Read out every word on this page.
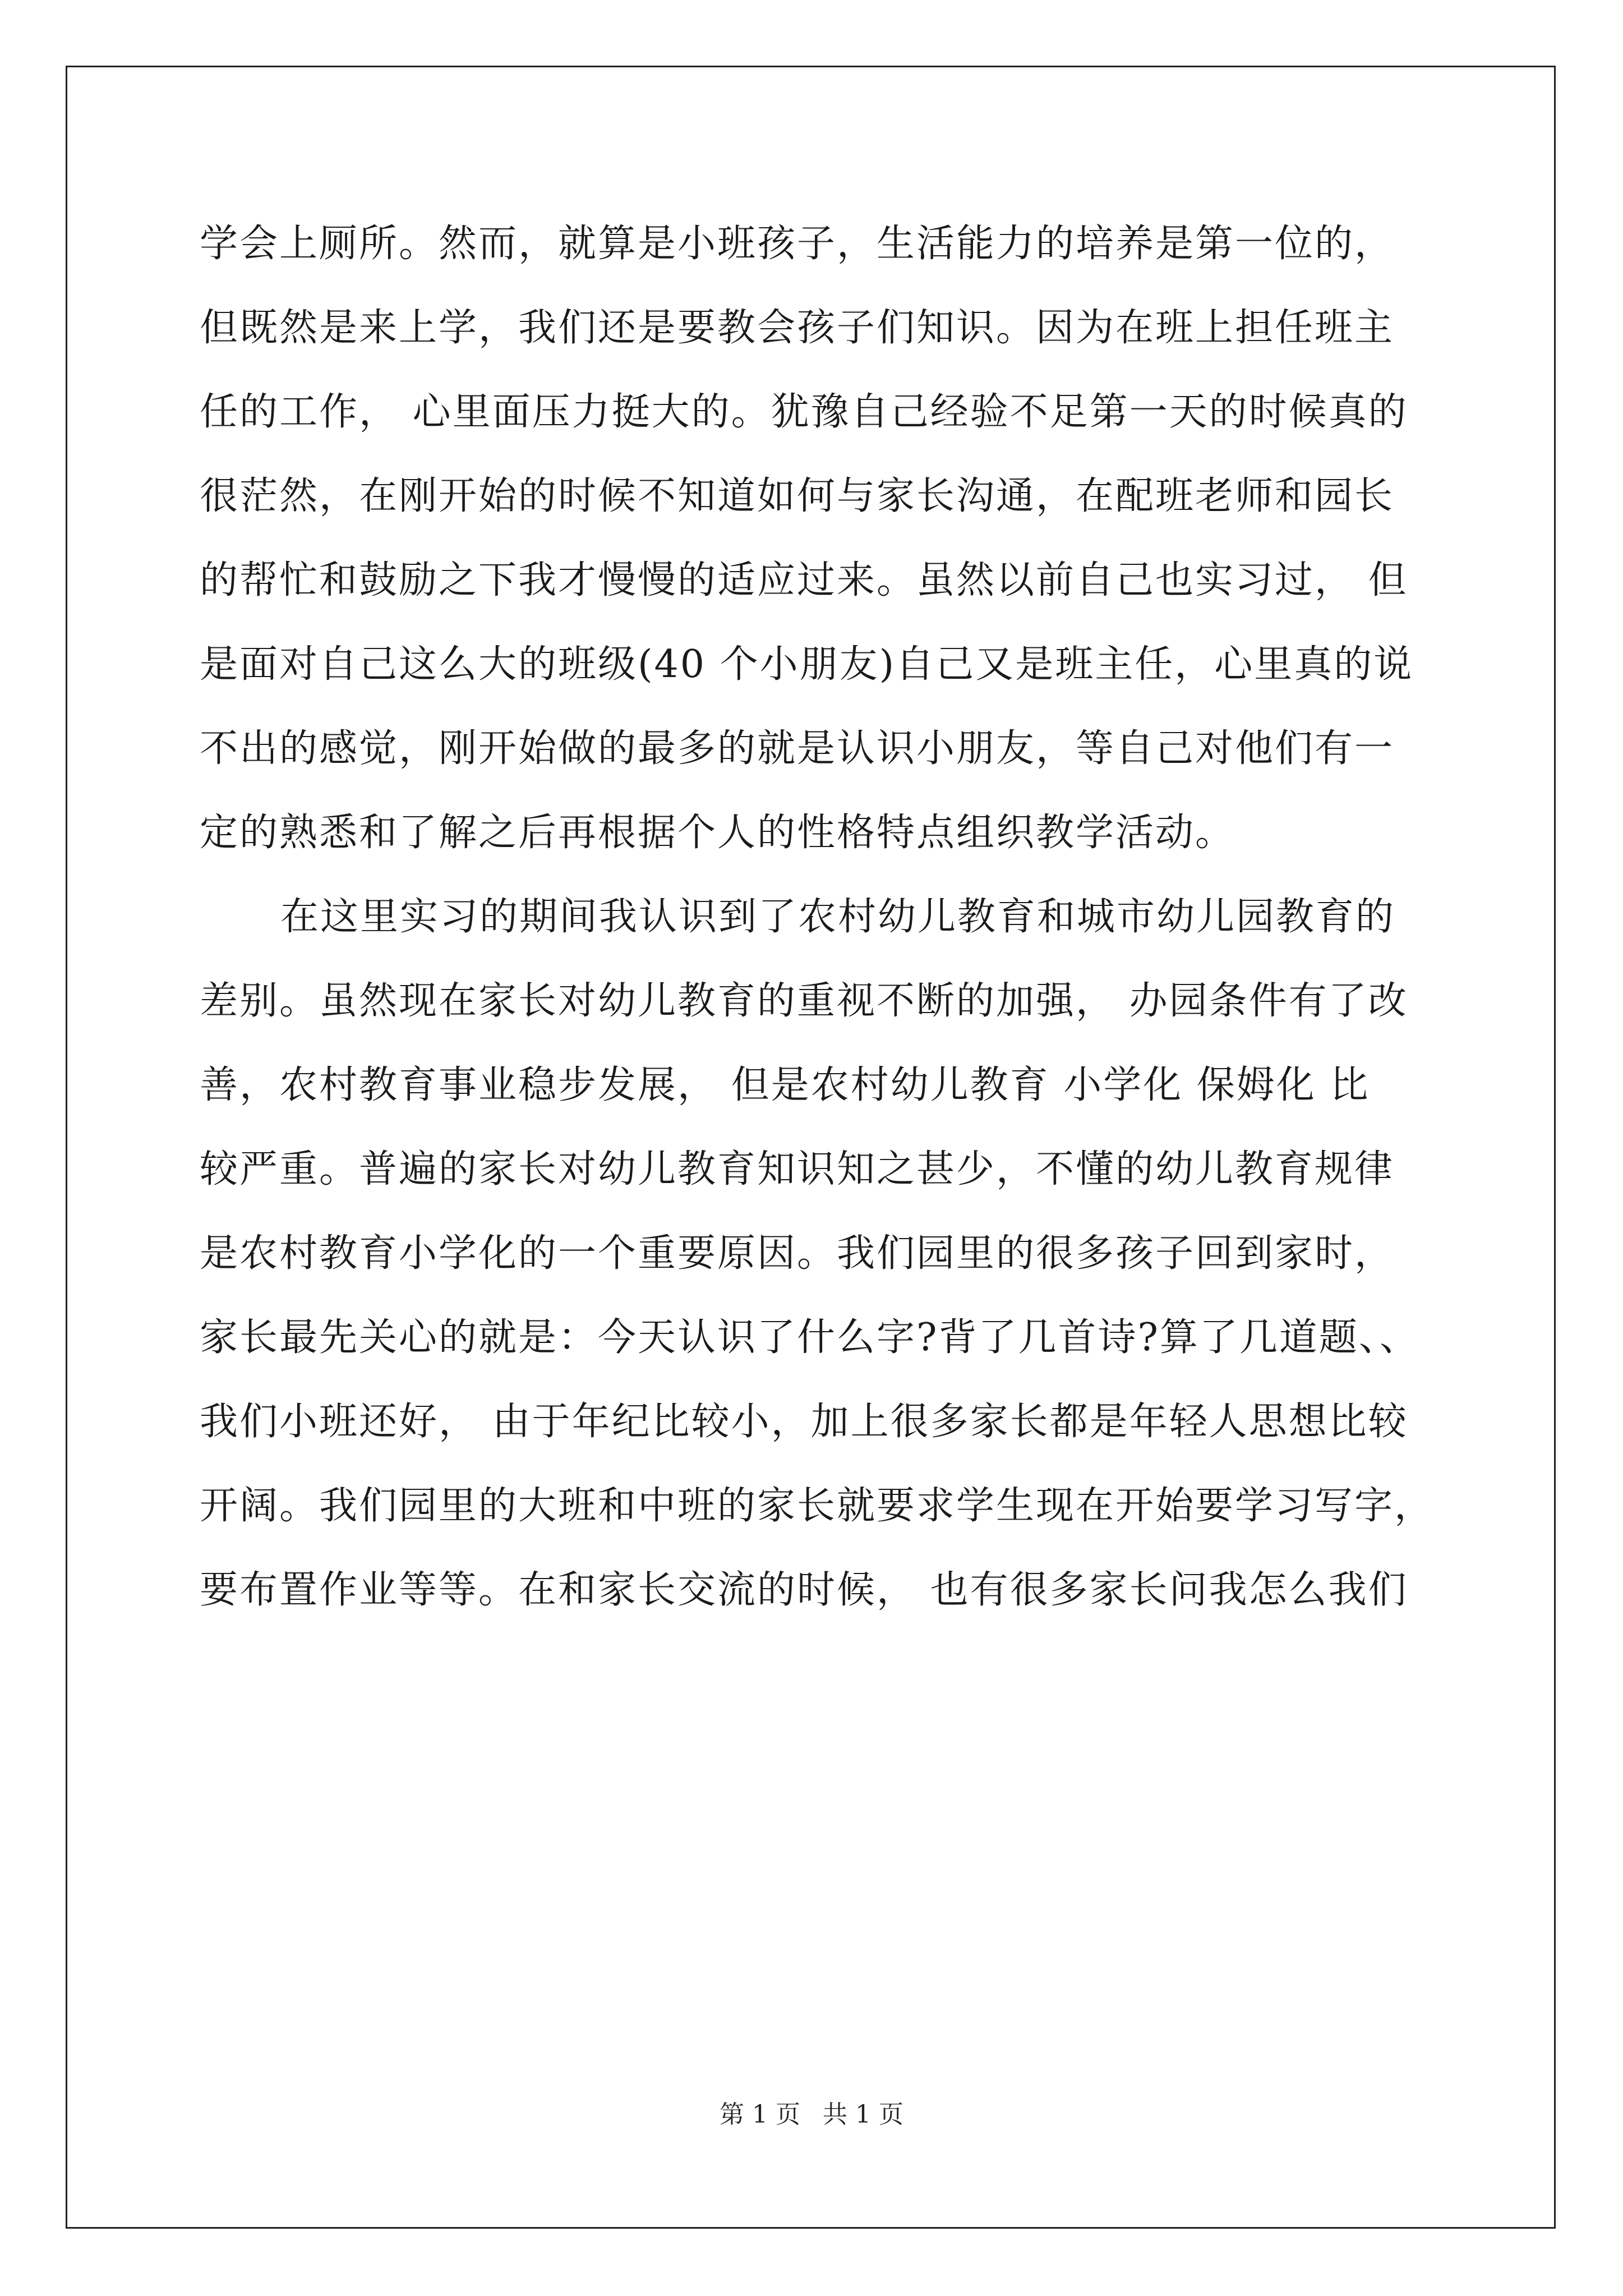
学会上厕所。然而，就算是小班孩子，生活能力的培养是第一位的，
但既然是来上学，我们还是要教会孩子们知识。因为在班上担任班主
任的工作， 心里面压力挺大的。犹豫自己经验不足第一天的时候真的
很茫然，在刚开始的时候不知道如何与家长沟通，在配班老师和园长
的帮忙和鼓励之下我才慢慢的适应过来。虽然以前自己也实习过， 但
是面对自己这么大的班级(40 个小朋友)自己又是班主任，心里真的说
不出的感觉，刚开始做的最多的就是认识小朋友，等自己对他们有一
定的熟悉和了解之后再根据个人的性格特点组织教学活动。
在这里实习的期间我认识到了农村幼儿教育和城市幼儿园教育的
差别。虽然现在家长对幼儿教育的重视不断的加强， 办园条件有了改
善，农村教育事业稳步发展， 但是农村幼儿教育 小学化 保姆化 比
较严重。普遍的家长对幼儿教育知识知之甚少，不懂的幼儿教育规律
是农村教育小学化的一个重要原因。我们园里的很多孩子回到家时，
家长最先关心的就是：今天认识了什么字?背了几首诗?算了几道题、、
我们小班还好， 由于年纪比较小，加上很多家长都是年轻人思想比较
开阔。我们园里的大班和中班的家长就要求学生现在开始要学习写字，
要布置作业等等。在和家长交流的时候， 也有很多家长问我怎么我们
第 1 页 共 1 页
